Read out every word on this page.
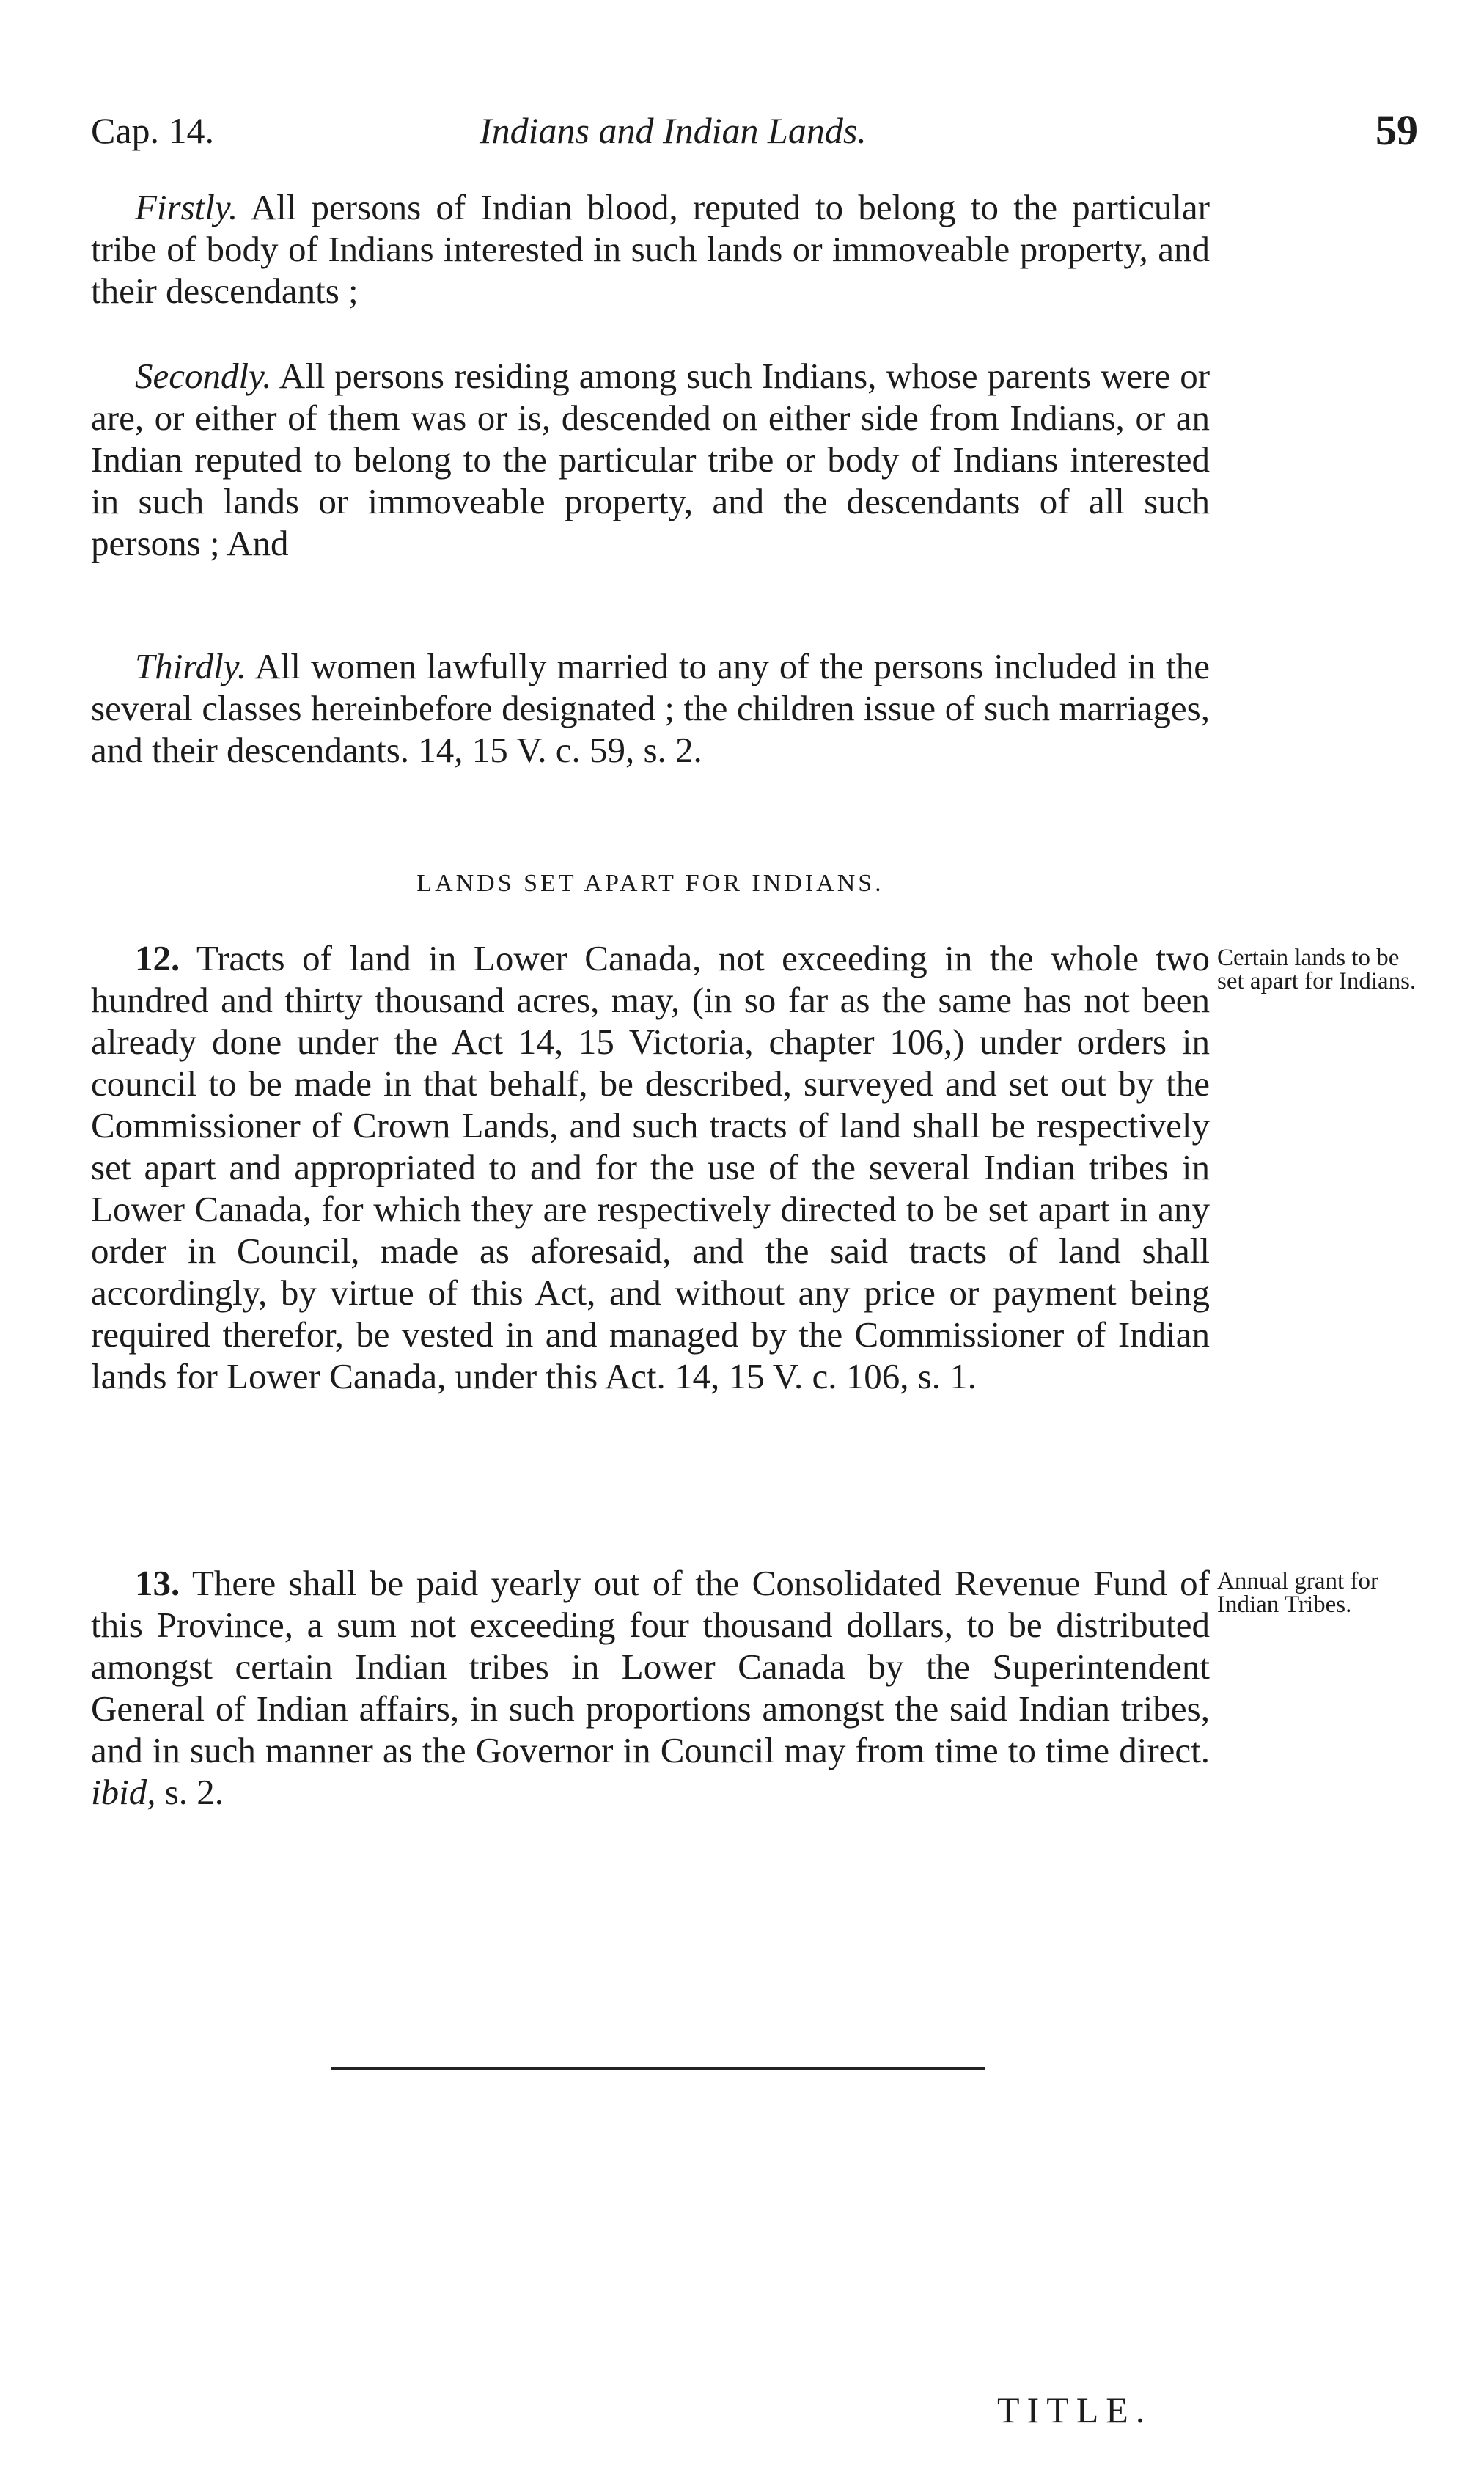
Cap. 14.	Indians and Indian Lands.	59

Firstly. All persons of Indian blood, reputed to belong to the particular tribe of body of Indians interested in such lands or immoveable property, and their descendants ;

Secondly. All persons residing among such Indians, whose parents were or are, or either of them was or is, descended on either side from Indians, or an Indian reputed to belong to the particular tribe or body of Indians interested in such lands or immoveable property, and the descendants of all such persons ; And

Thirdly. All women lawfully married to any of the persons included in the several classes hereinbefore designated ; the children issue of such marriages, and their descendants. 14, 15 V. c. 59, s. 2.

LANDS SET APART FOR INDIANS.

12. Tracts of land in Lower Canada, not exceeding in the whole two hundred and thirty thousand acres, may, (in so far as the same has not been already done under the Act 14, 15 Victoria, chapter 106,) under orders in council to be made in that behalf, be described, surveyed and set out by the Commissioner of Crown Lands, and such tracts of land shall be respectively set apart and appropriated to and for the use of the several Indian tribes in Lower Canada, for which they are respectively directed to be set apart in any order in Council, made as aforesaid, and the said tracts of land shall accordingly, by virtue of this Act, and without any price or payment being required therefor, be vested in and managed by the Commissioner of Indian lands for Lower Canada, under this Act. 14, 15 V. c. 106, s. 1.

Certain lands to be set apart for Indians.

13. There shall be paid yearly out of the Consolidated Revenue Fund of this Province, a sum not exceeding four thousand dollars, to be distributed amongst certain Indian tribes in Lower Canada by the Superintendent General of Indian affairs, in such proportions amongst the said Indian tribes, and in such manner as the Governor in Council may from time to time direct. ibid, s. 2.

Annual grant for Indian Tribes.
TITLE.
